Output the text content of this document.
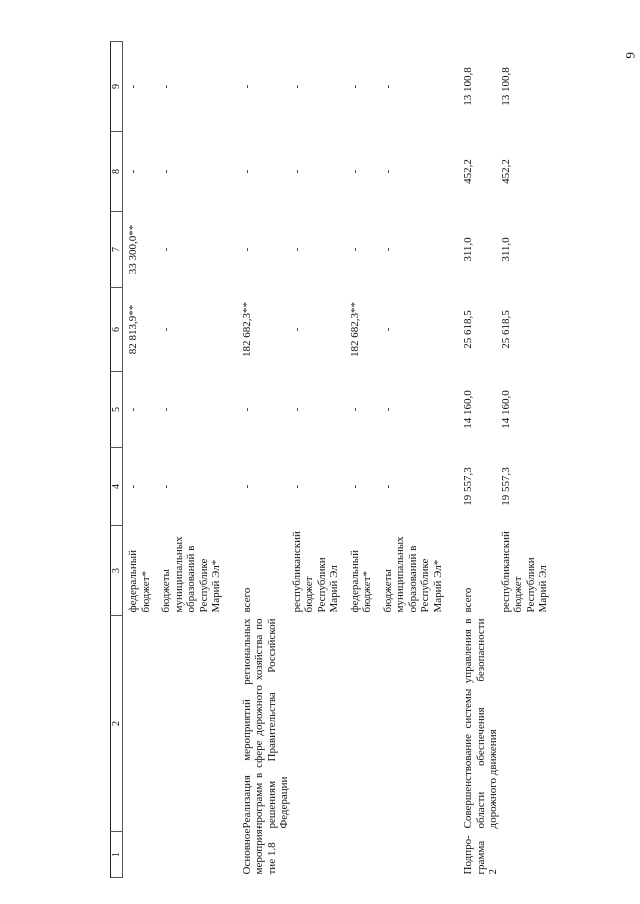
6
1	2	3	4	5	6	7	8	9
		федеральный бюджет*	-	-	82 813,9**	33 300,0**	-	-
		бюджеты муниципальных образований в Республике Марий Эл*	-	-	-	-	-	-
Основное мероприя-тие 1.8	Реализация мероприятий региональных программ в сфере дорожного хозяйства по решениям Правительства Российской Федерации	всего	-	-	182 682,3**	-	-	-
		республиканский бюджет Республики Марий Эл	-	-	-	-	-	-
		федеральный бюджет*	-	-	182 682,3**	-	-	-
		бюджеты муниципальных образований в Республике Марий Эл*	-	-	-	-	-	-
Подпро-грамма 2	Совершенствование системы управления в области обеспечения безопасности дорожного движения	всего	19 557,3	14 160,0	25 618,5	311,0	452,2	13 100,8
		республиканский бюджет Республики Марий Эл	19 557,3	14 160,0	25 618,5	311,0	452,2	13 100,8
